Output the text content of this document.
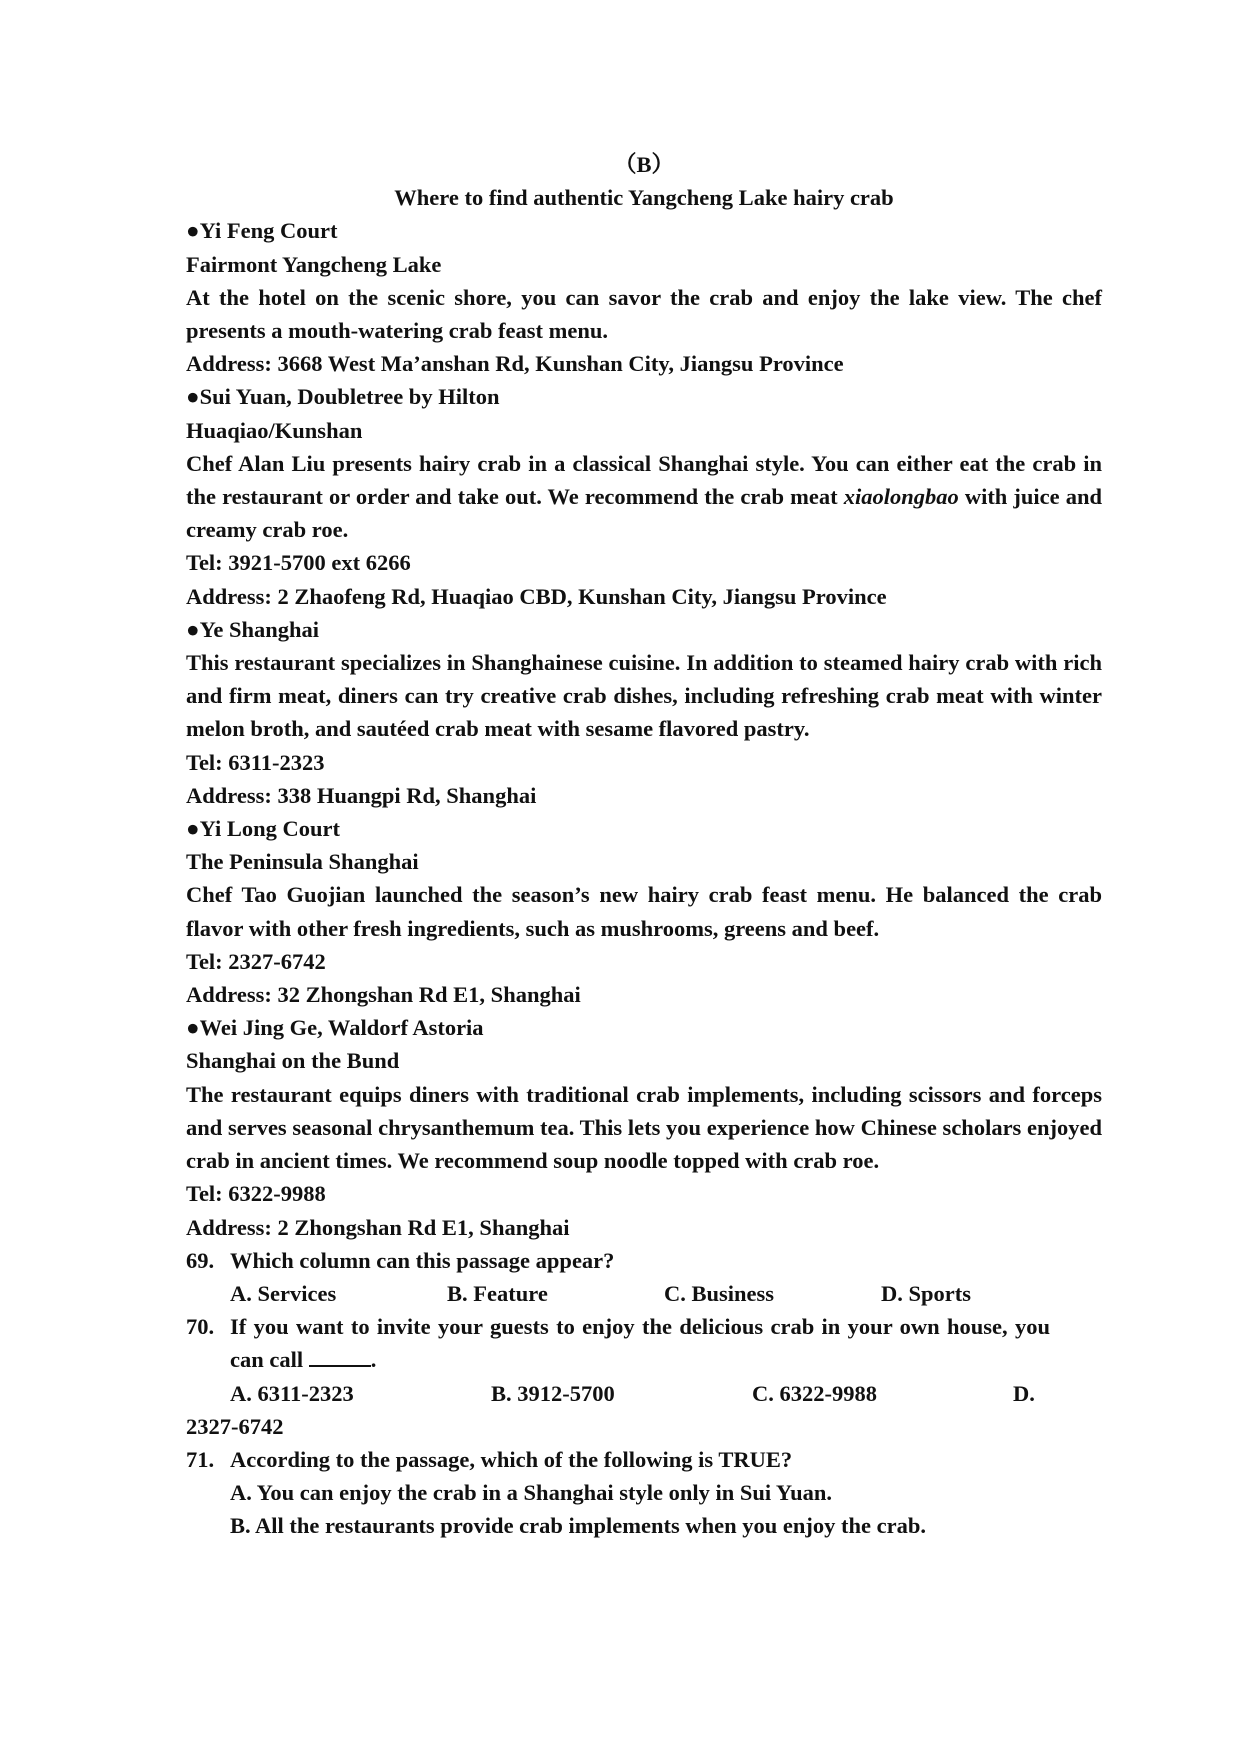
（B）
Where to find authentic Yangcheng Lake hairy crab
●Yi Feng Court
Fairmont Yangcheng Lake
At the hotel on the scenic shore, you can savor the crab and enjoy the lake view. The chef presents a mouth-watering crab feast menu.
Address: 3668 West Ma’anshan Rd, Kunshan City, Jiangsu Province
●Sui Yuan, Doubletree by Hilton
Huaqiao/Kunshan
Chef Alan Liu presents hairy crab in a classical Shanghai style. You can either eat the crab in the restaurant or order and take out. We recommend the crab meat xiaolongbao with juice and creamy crab roe.
Tel: 3921-5700 ext 6266
Address: 2 Zhaofeng Rd, Huaqiao CBD, Kunshan City, Jiangsu Province
●Ye Shanghai
This restaurant specializes in Shanghainese cuisine. In addition to steamed hairy crab with rich and firm meat, diners can try creative crab dishes, including refreshing crab meat with winter melon broth, and sautéed crab meat with sesame flavored pastry.
Tel: 6311-2323
Address: 338 Huangpi Rd, Shanghai
●Yi Long Court
The Peninsula Shanghai
Chef Tao Guojian launched the season’s new hairy crab feast menu. He balanced the crab flavor with other fresh ingredients, such as mushrooms, greens and beef.
Tel: 2327-6742
Address: 32 Zhongshan Rd E1, Shanghai
●Wei Jing Ge, Waldorf Astoria
Shanghai on the Bund
The restaurant equips diners with traditional crab implements, including scissors and forceps and serves seasonal chrysanthemum tea. This lets you experience how Chinese scholars enjoyed crab in ancient times. We recommend soup noodle topped with crab roe.
Tel: 6322-9988
Address: 2 Zhongshan Rd E1, Shanghai
69. Which column can this passage appear?
A. Services	B. Feature	C. Business	D. Sports
70. If you want to invite your guests to enjoy the delicious crab in your own house, you can call	.
A. 6311-2323	B. 3912-5700	C. 6322-9988	D.
2327-6742
71. According to the passage, which of the following is TRUE?
A. You can enjoy the crab in a Shanghai style only in Sui Yuan.
B. All the restaurants provide crab implements when you enjoy the crab.
